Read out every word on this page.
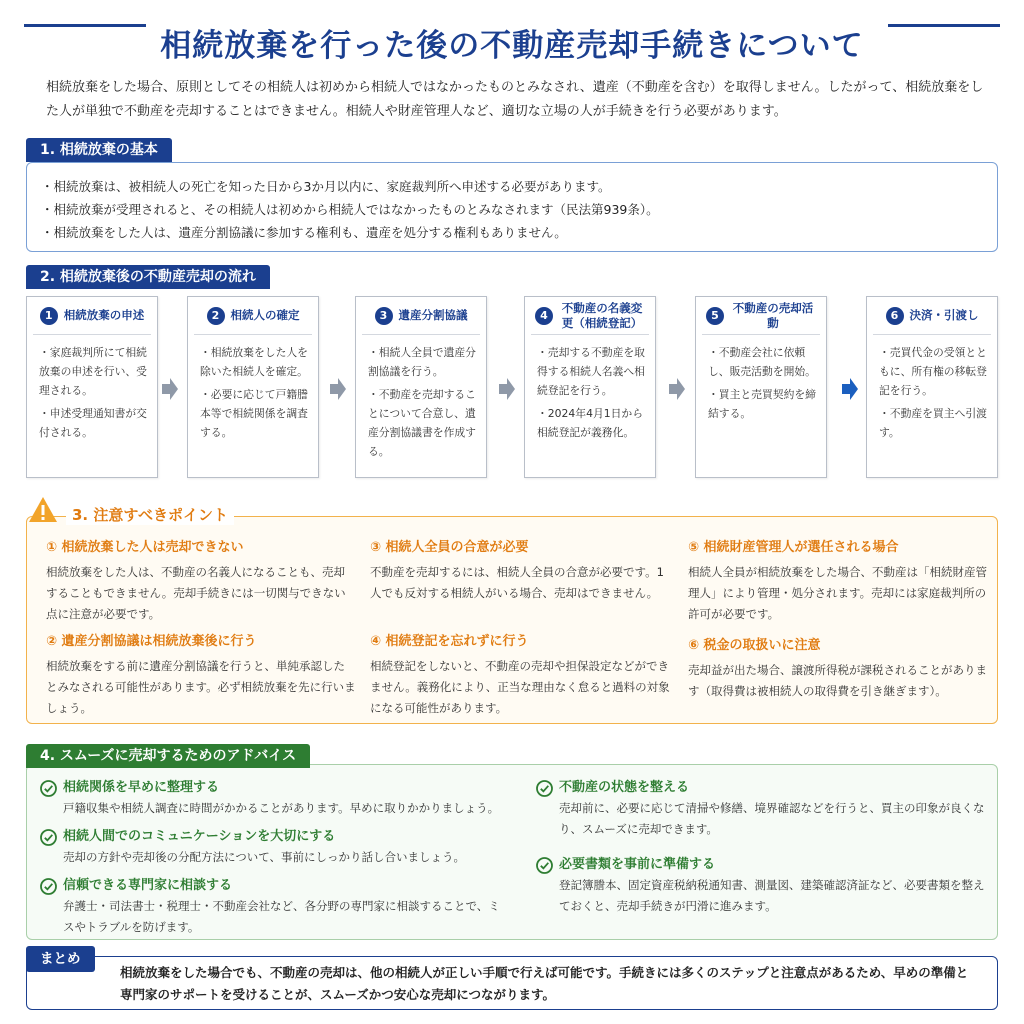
相続放棄を行った後の不動産売却手続きについて

相続放棄をした場合、原則としてその相続人は初めから相続人ではなかったものとみなされ、遺産（不動産を含む）を取得しません。したがって、相続放棄をした人が単独で不動産を売却することはできません。相続人や財産管理人など、適切な立場の人が手続きを行う必要があります。

1. 相続放棄の基本
・相続放棄は、被相続人の死亡を知った日から3か月以内に、家庭裁判所へ申述する必要があります。
・相続放棄が受理されると、その相続人は初めから相続人ではなかったものとみなされます（民法第939条）。
・相続放棄をした人は、遺産分割協議に参加する権利も、遺産を処分する権利もありません。
2. 相続放棄後の不動産売却の流れ
1 相続放棄の申述

・家庭裁判所にて相続放棄の申述を行い、受理される。

・申述受理通知書が交付される。

2 相続人の確定

・相続放棄をした人を除いた相続人を確定。

・必要に応じて戸籍謄本等で相続関係を調査する。

3 遺産分割協議

・相続人全員で遺産分割協議を行う。

・不動産を売却することについて合意し、遺産分割協議書を作成する。

4
不動産の名義変更（相続登記）

・売却する不動産を取得する相続人名義へ相続登記を行う。

・2024年4月1日から相続登記が義務化。

5
不動産の売却活動

・不動産会社に依頼し、販売活動を開始。

・買主と売買契約を締結する。

6 決済・引渡し

・売買代金の受領とともに、所有権の移転登記を行う。

・不動産を買主へ引渡す。

3. 注意すべきポイント
① 相続放棄した人は売却できない
相続放棄をした人は、不動産の名義人になることも、売却することもできません。売却手続きには一切関与できない点に注意が必要です。
② 遺産分割協議は相続放棄後に行う
相続放棄をする前に遺産分割協議を行うと、単純承認したとみなされる可能性があります。必ず相続放棄を先に行いましょう。
③ 相続人全員の合意が必要
不動産を売却するには、相続人全員の合意が必要です。1人でも反対する相続人がいる場合、売却はできません。
④ 相続登記を忘れずに行う
相続登記をしないと、不動産の売却や担保設定などができません。義務化により、正当な理由なく怠ると過料の対象になる可能性があります。
⑤ 相続財産管理人が選任される場合
相続人全員が相続放棄をした場合、不動産は「相続財産管理人」により管理・処分されます。売却には家庭裁判所の許可が必要です。
⑥ 税金の取扱いに注意
売却益が出た場合、譲渡所得税が課税されることがあります（取得費は被相続人の取得費を引き継ぎます）。
4. スムーズに売却するためのアドバイス
相続関係を早めに整理する
戸籍収集や相続人調査に時間がかかることがあります。早めに取りかかりましょう。
相続人間でのコミュニケーションを大切にする
売却の方針や売却後の分配方法について、事前にしっかり話し合いましょう。
信頼できる専門家に相談する
弁護士・司法書士・税理士・不動産会社など、各分野の専門家に相談することで、ミスやトラブルを防げます。
不動産の状態を整える
売却前に、必要に応じて清掃や修繕、境界確認などを行うと、買主の印象が良くなり、スムーズに売却できます。
必要書類を事前に準備する
登記簿謄本、固定資産税納税通知書、測量図、建築確認済証など、必要書類を整えておくと、売却手続きが円滑に進みます。
まとめ

相続放棄をした場合でも、不動産の売却は、他の相続人が正しい手順で行えば可能です。手続きには多くのステップと注意点があるため、早めの準備と専門家のサポートを受けることが、スムーズかつ安心な売却につながります。
